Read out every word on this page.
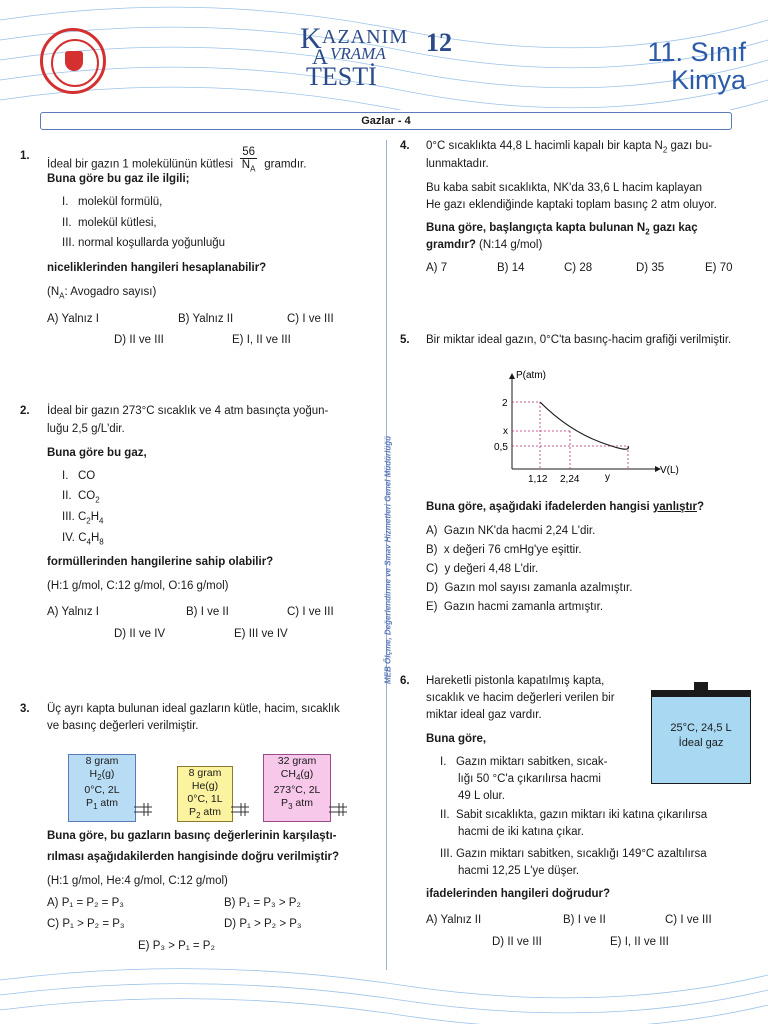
K AZANIM
A VRAMA
TESTİ
12	11. Sınıf
Kimya
Gazlar - 4
MEB Ölçme, Değerlendirme ve Sınav Hizmetleri Genel Müdürlüğü
1.
İdeal bir gazın 1 molekülünün kütlesi $\frac{56}{N_A}$ gramdır.
Buna göre bu gaz ile ilgili;
I.   molekül formülü,
II.  molekül kütlesi,
III. normal koşullarda yoğunluğu
niceliklerinden hangileri hesaplanabilir?
($N_A$: Avogadro sayısı)
A) Yalnız I	B) Yalnız II	C) I ve III
D) II ve III	E) I, II ve III
2. İdeal bir gazın 273°C sıcaklık ve 4 atm basınçta yoğun-
luğu 2,5 g/L'dir.
Buna göre bu gaz,
I.   CO
II.  $CO_2$
III. $C_2H_4$
IV. $C_4H_8$
formüllerinden hangilerine sahip olabilir?
(H:1 g/mol, C:12 g/mol, O:16 g/mol)
A) Yalnız I	B) I ve II	C) I ve III
D) II ve IV	E) III ve IV
3. Üç ayrı kapta bulunan ideal gazların kütle, hacim, sıcaklık
ve basınç değerleri verilmiştir.
8 gram
$H_2(g)$
0°C, 2L
$P_1$ atm
8 gram
He(g)
0°C, 1L
$P_2$ atm
32 gram
$CH_4(g)$
273°C, 2L
$P_3$ atm
Buna göre, bu gazların basınç değerlerinin karşılaştı-
rılması aşağıdakilerden hangisinde doğru verilmiştir?
(H:1 g/mol, He:4 g/mol, C:12 g/mol)
A) P₁ = P₂ = P₃	B) P₁ = P₃ > P₂
C) P₁ > P₂ = P₃	D) P₁ > P₂ > P₃
E) P₃ > P₁ = P₂
4. 0°C sıcaklıkta 44,8 L hacimli kapalı bir kapta $N_2$ gazı bu-
lunmaktadır.
Bu kaba sabit sıcaklıkta, NK'da 33,6 L hacim kaplayan
He gazı eklendiğinde kaptaki toplam basınç 2 atm oluyor.
Buna göre, başlangıçta kapta bulunan $N_2$ gazı kaç
gramdır? (N:14 g/mol)
A) 7	B) 14	C) 28	D) 35	E) 70
5. Bir miktar ideal gazın, 0°C'ta basınç-hacim grafiği verilmiştir.
P(atm)
V(L)
2
x
0,5
1,12 2,24	y
Buna göre, aşağıdaki ifadelerden hangisi yanlıştır?
A)  Gazın NK'da hacmi 2,24 L'dir.
B)  x değeri 76 cmHg'ye eşittir.
C)  y değeri 4,48 L'dir.
D)  Gazın mol sayısı zamanla azalmıştır.
E)  Gazın hacmi zamanla artmıştır.
6. Hareketli pistonla kapatılmış kapta,
sıcaklık ve hacim değerleri verilen bir
miktar ideal gaz vardır.
25°C, 24,5 L
İdeal gaz
Buna göre,
I.   Gazın miktarı sabitken, sıcak-
lığı 50 °C'a çıkarılırsa hacmi
49 L olur.
II.  Sabit sıcaklıkta, gazın miktarı iki katına çıkarılırsa
hacmi de iki katına çıkar.
III. Gazın miktarı sabitken, sıcaklığı 149°C azaltılırsa
hacmi 12,25 L'ye düşer.
ifadelerinden hangileri doğrudur?
A) Yalnız II	B) I ve II	C) I ve III
D) II ve III	E) I, II ve III
